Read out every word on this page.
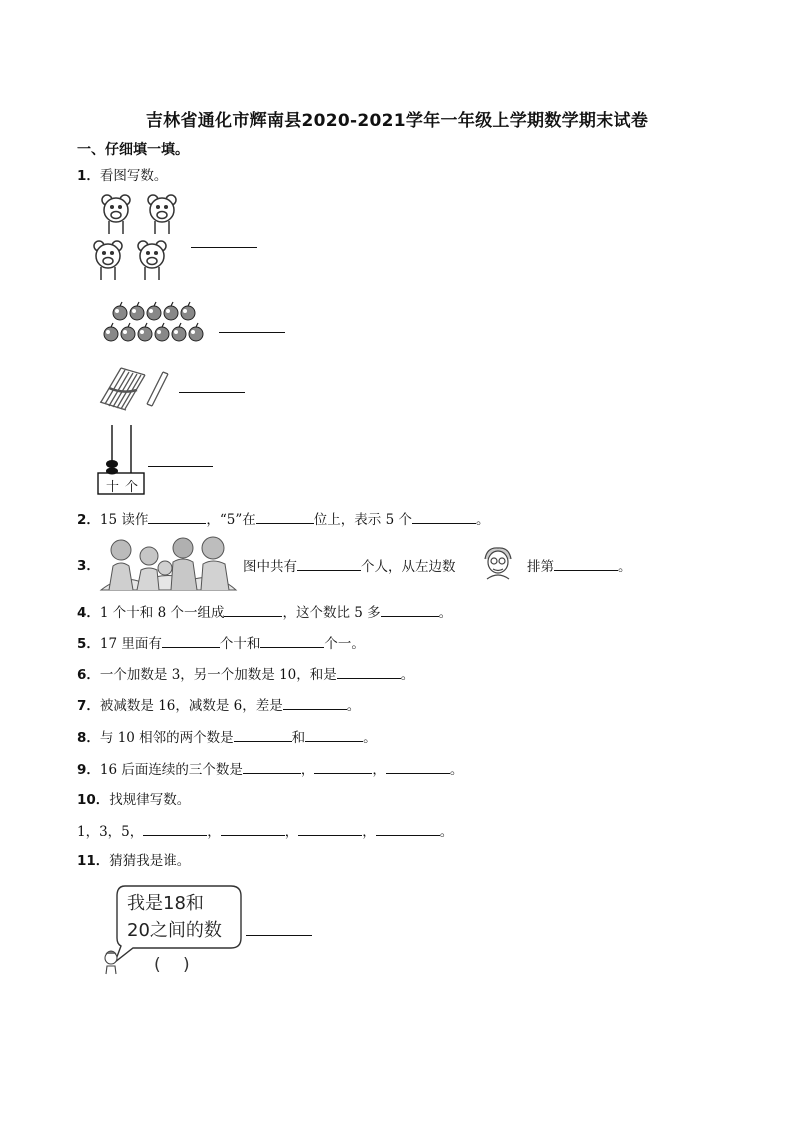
吉林省通化市辉南县2020-2021学年一年级上学期数学期末试卷
一、仔细填一填。
1．看图写数。
十 个
2．15 读作	，“5”在	位上，表示 5 个	。
3．	图中共有	个人，从左边数	排第	。
4．1 个十和 8 个一组成	，这个数比 5 多	。
5．17 里面有	个十和	个一。
6．一个加数是 3，另一个加数是 10，和是	。
7．被减数是 16，减数是 6，差是	。
8．与 10 相邻的两个数是	和	。
9．16 后面连续的三个数是	，	，	。
10．找规律写数。
1，3，5，	，	，	，	。
11．猜猜我是谁。
我是18和
20之间的数
(　 )
